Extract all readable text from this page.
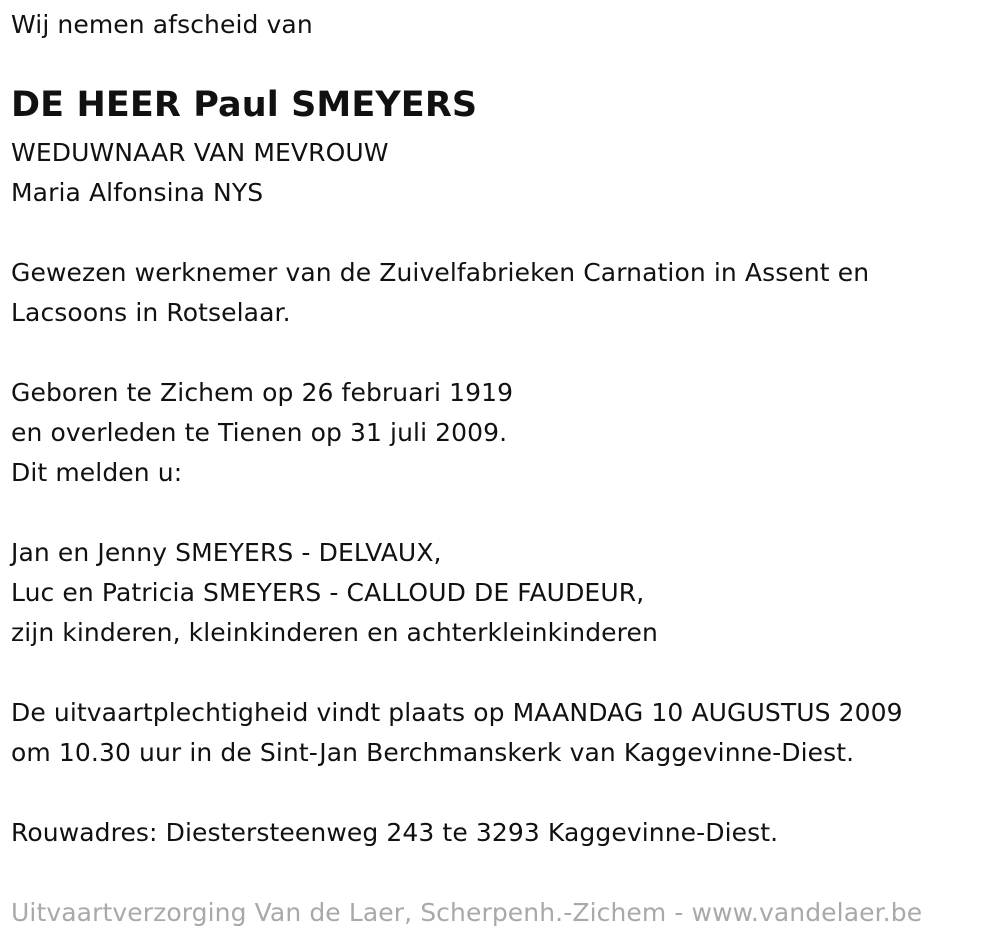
Wij nemen afscheid van
DE HEER Paul SMEYERS
WEDUWNAAR VAN MEVROUW
Maria Alfonsina NYS
Gewezen werknemer van de Zuivelfabrieken Carnation in Assent en
Lacsoons in Rotselaar.
Geboren te Zichem op 26 februari 1919
en overleden te Tienen op 31 juli 2009.
Dit melden u:
Jan en Jenny SMEYERS - DELVAUX,
Luc en Patricia SMEYERS - CALLOUD DE FAUDEUR,
zijn kinderen, kleinkinderen en achterkleinkinderen
De uitvaartplechtigheid vindt plaats op MAANDAG 10 AUGUSTUS 2009
om 10.30 uur in de Sint-Jan Berchmanskerk van Kaggevinne-Diest.
Rouwadres: Diestersteenweg 243 te 3293 Kaggevinne-Diest.
Uitvaartverzorging Van de Laer, Scherpenh.-Zichem - www.vandelaer.be
